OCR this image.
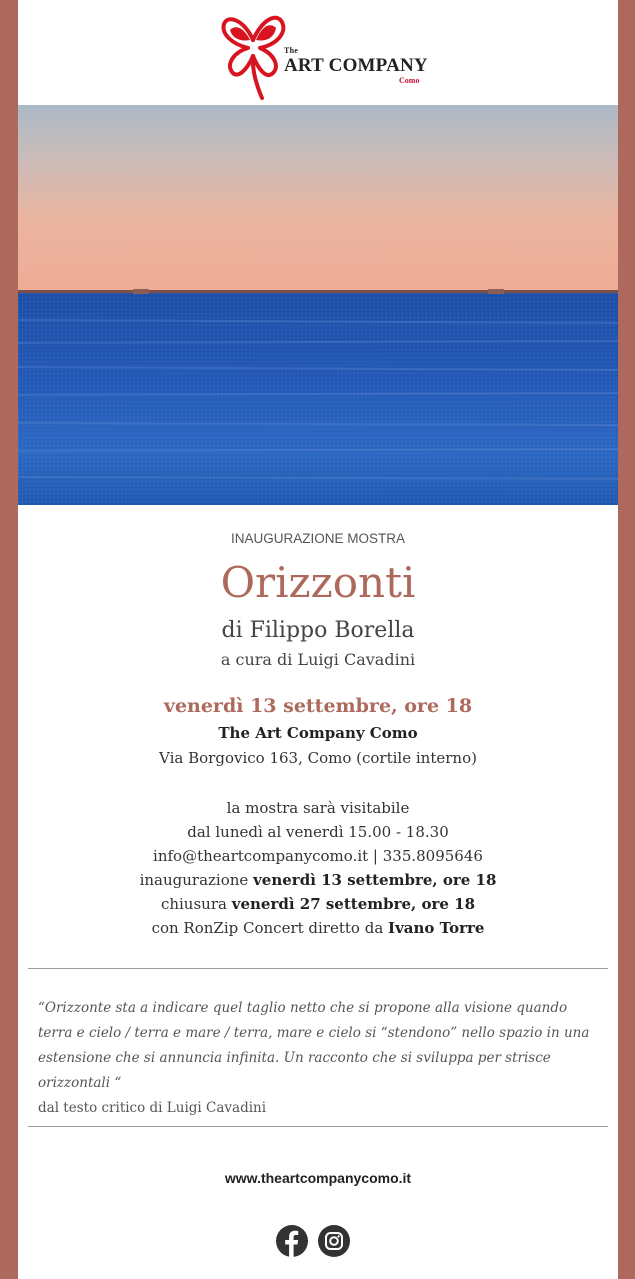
The
ART COMPANY
Como
INAUGURAZIONE MOSTRA
Orizzonti
di Filippo Borella
a cura di Luigi Cavadini
venerdì 13 settembre, ore 18
The Art Company Como
Via Borgovico 163, Como (cortile interno)
la mostra sarà visitabile
dal lunedì al venerdì 15.00 - 18.30
info@theartcompanycomo.it | 335.8095646
inaugurazione venerdì 13 settembre, ore 18
chiusura venerdì 27 settembre, ore 18
con RonZip Concert diretto da Ivano Torre
“Orizzonte sta a indicare quel taglio netto che si propone alla visione quando terra e cielo / terra e mare / terra, mare e cielo si “stendono” nello spazio in una estensione che si annuncia infinita. Un racconto che si sviluppa per strisce orizzontali “
dal testo critico di Luigi Cavadini
www.theartcompanycomo.it
